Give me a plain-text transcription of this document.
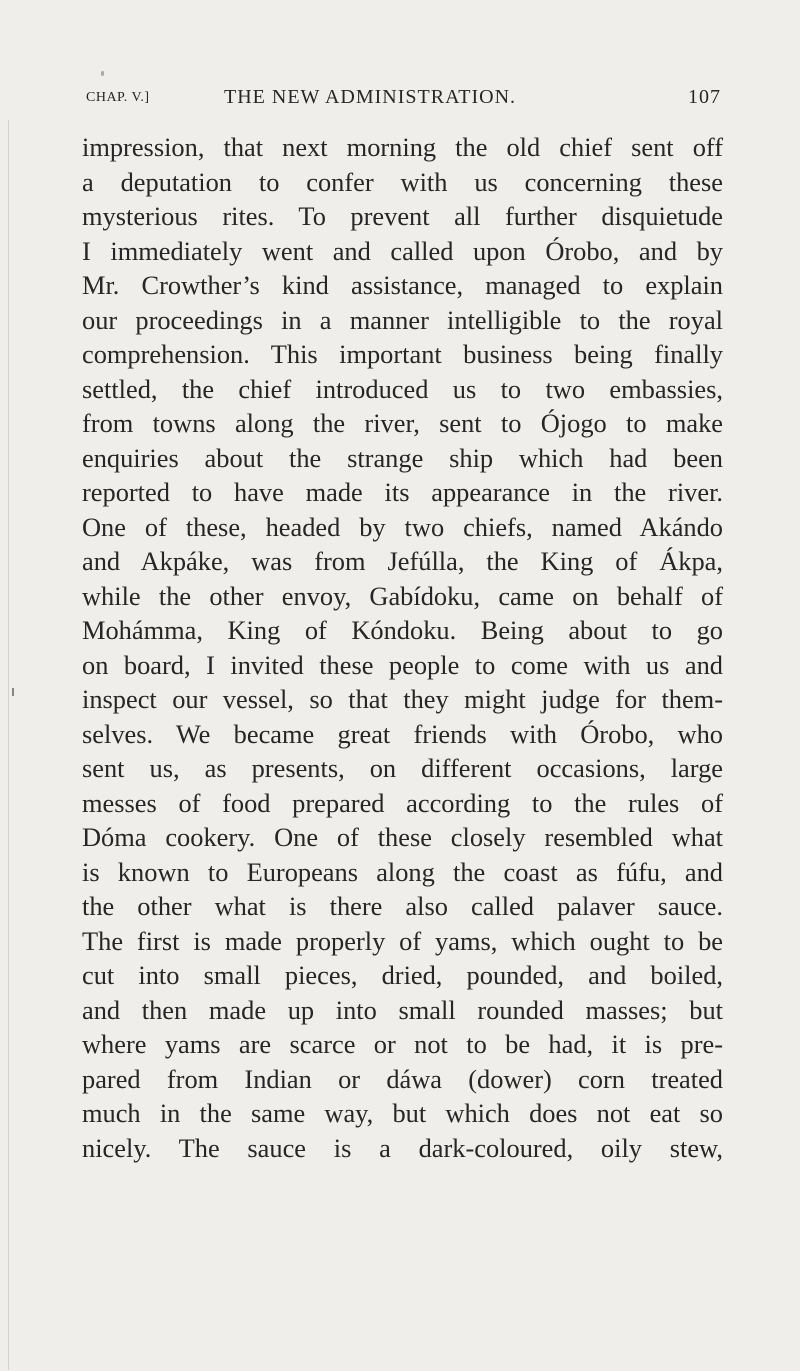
CHAP. V.]	THE NEW ADMINISTRATION.	107
impression, that next morning the old chief sent off
a deputation to confer with us concerning these
mysterious rites. To prevent all further disquietude
I immediately went and called upon Órobo, and by
Mr. Crowther’s kind assistance, managed to explain
our proceedings in a manner intelligible to the royal
comprehension. This important business being finally
settled, the chief introduced us to two embassies,
from towns along the river, sent to Ójogo to make
enquiries about the strange ship which had been
reported to have made its appearance in the river.
One of these, headed by two chiefs, named Akándo
and Akpáke, was from Jefúlla, the King of Ákpa,
while the other envoy, Gabídoku, came on behalf of
Mohámma, King of Kóndoku. Being about to go
on board, I invited these people to come with us and
inspect our vessel, so that they might judge for them-
selves. We became great friends with Órobo, who
sent us, as presents, on different occasions, large
messes of food prepared according to the rules of
Dóma cookery. One of these closely resembled what
is known to Europeans along the coast as fúfu, and
the other what is there also called palaver sauce.
The first is made properly of yams, which ought to be
cut into small pieces, dried, pounded, and boiled,
and then made up into small rounded masses; but
where yams are scarce or not to be had, it is pre-
pared from Indian or dáwa (dower) corn treated
much in the same way, but which does not eat so
nicely. The sauce is a dark-coloured, oily stew,
